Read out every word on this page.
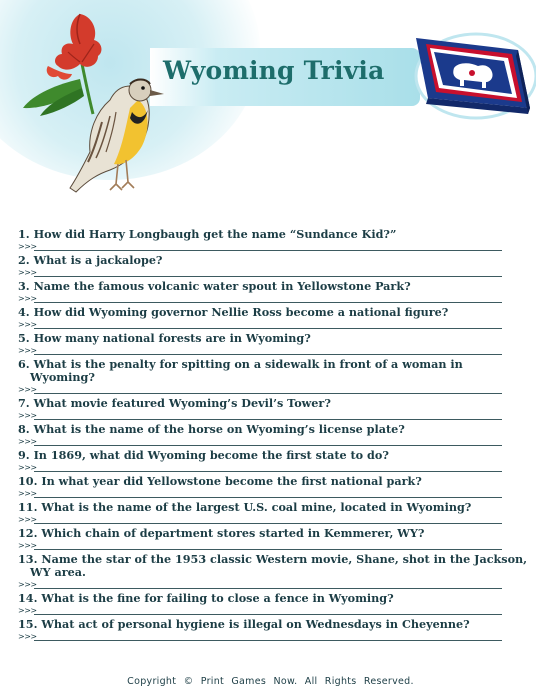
Wyoming Trivia
1. How did Harry Longbaugh get the name “Sundance Kid?”
>>>
2. What is a jackalope?
>>>
3. Name the famous volcanic water spout in Yellowstone Park?
>>>
4. How did Wyoming governor Nellie Ross become a national figure?
>>>
5. How many national forests are in Wyoming?
>>>
6. What is the penalty for spitting on a sidewalk in front of a woman in
Wyoming?
>>>
7. What movie featured Wyoming’s Devil’s Tower?
>>>
8. What is the name of the horse on Wyoming’s license plate?
>>>
9. In 1869, what did Wyoming become the first state to do?
>>>
10. In what year did Yellowstone become the first national park?
>>>
11. What is the name of the largest U.S. coal mine, located in Wyoming?
>>>
12. Which chain of department stores started in Kemmerer, WY?
>>>
13. Name the star of the 1953 classic Western movie, Shane, shot in the Jackson,
WY area.
>>>
14. What is the fine for failing to close a fence in Wyoming?
>>>
15. What act of personal hygiene is illegal on Wednesdays in Cheyenne?
>>>
Copyright © Print Games Now. All Rights Reserved.
